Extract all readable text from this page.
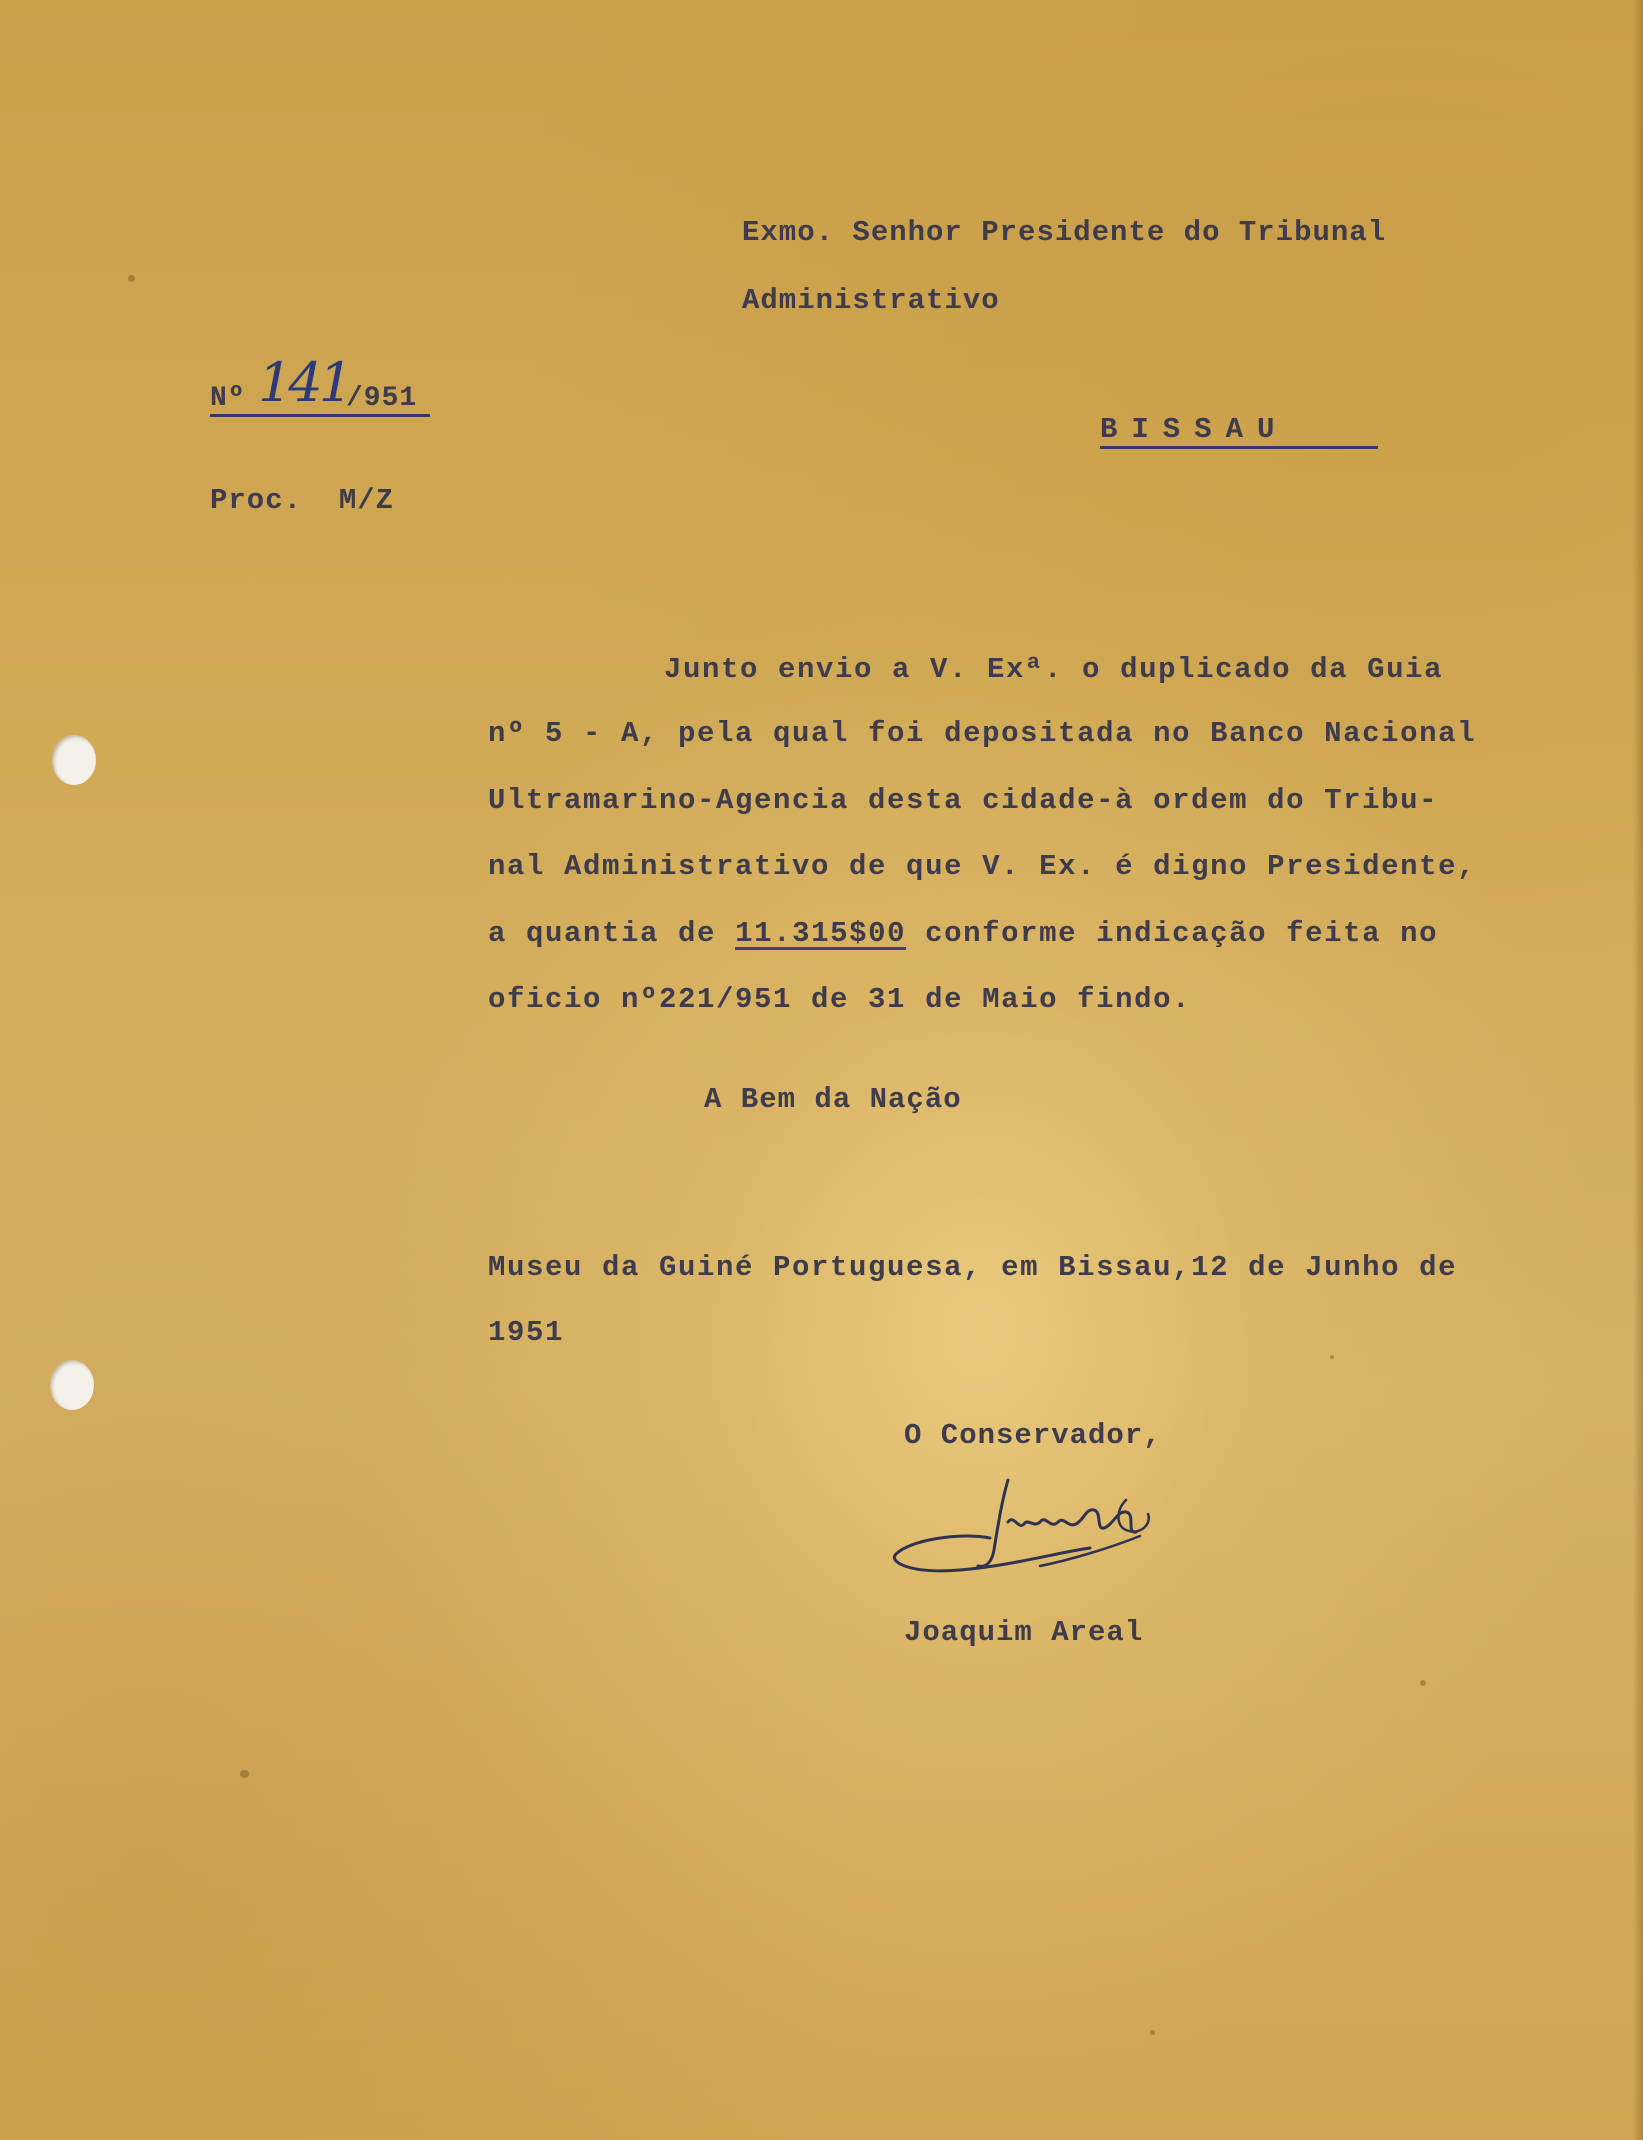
Exmo. Senhor Presidente do Tribunal
Administrativo
Nº 141
/951
BISSAU
Proc.  M/Z
Junto envio a V. Exª. o duplicado da Guia
nº 5 - A, pela qual foi depositada no Banco Nacional
Ultramarino-Agencia desta cidade-à ordem do Tribu-
nal Administrativo de que V. Ex. é digno Presidente,
a quantia de 11.315$00 conforme indicação feita no
oficio nº221/951 de 31 de Maio findo.
A Bem da Nação
Museu da Guiné Portuguesa, em Bissau,12 de Junho de
1951
O Conservador,
Joaquim Areal
